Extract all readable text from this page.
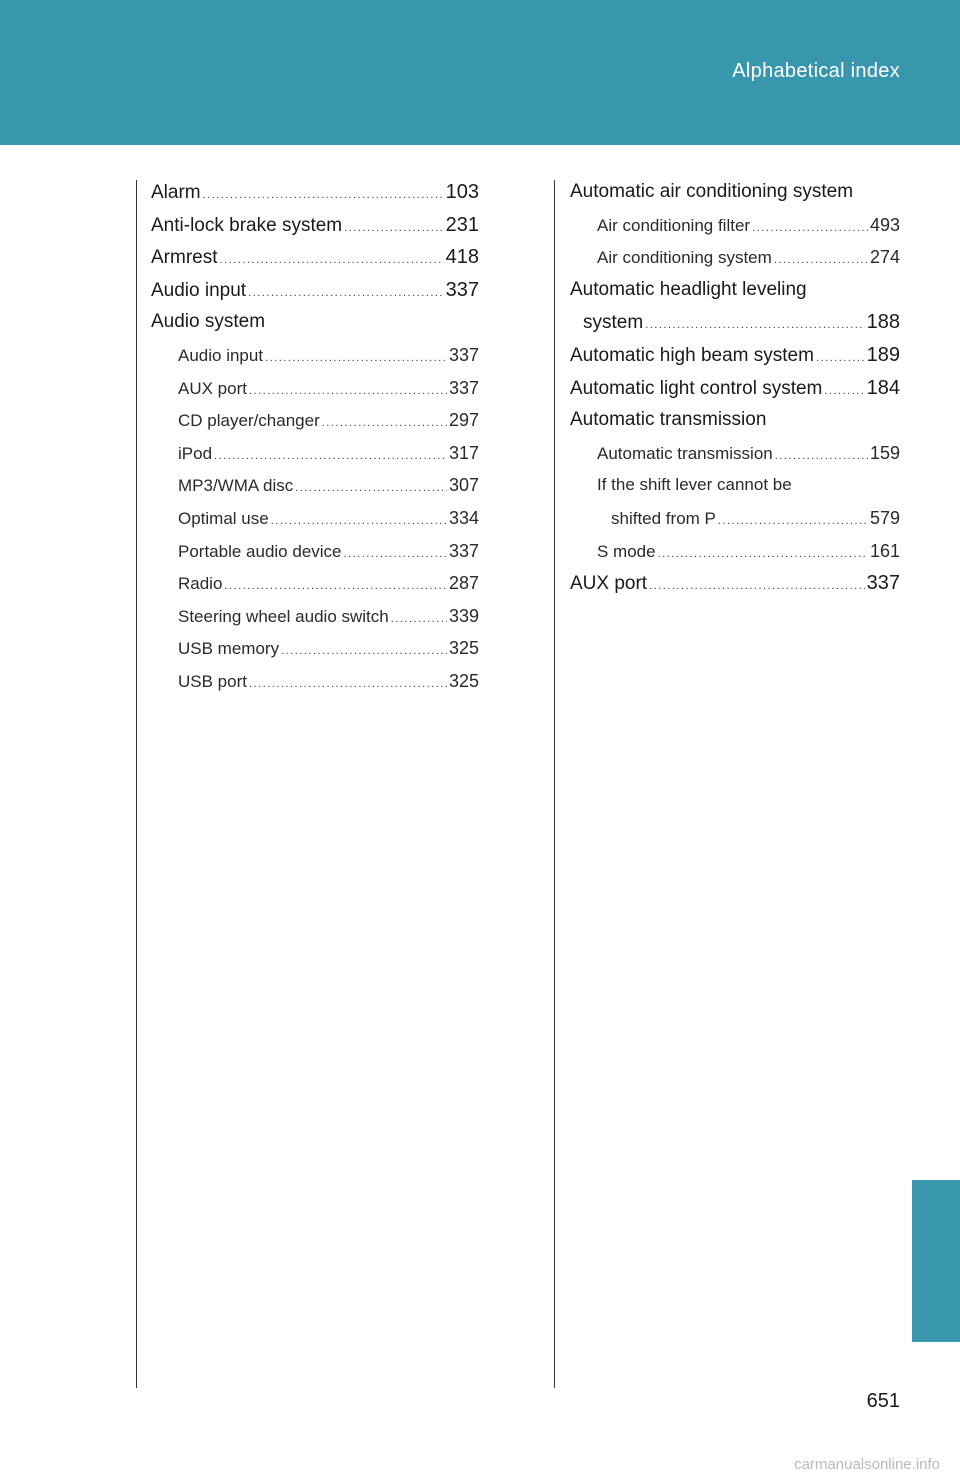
Alphabetical index
Alarm .....	103
Anti-lock brake system .....	231
Armrest .....	418
Audio input .....	337
Audio system
Audio input .....	337
AUX port .....	337
CD player/changer .....	297
iPod .....	317
MP3/WMA disc .....	307
Optimal use .....	334
Portable audio device .....	337
Radio .....	287
Steering wheel audio switch .....	339
USB memory .....	325
USB port .....	325
Automatic air conditioning system
Air conditioning filter .....	493
Air conditioning system .....	274
Automatic headlight leveling
system .....	188
Automatic high beam system .....	189
Automatic light control system ..... 184
Automatic transmission
Automatic transmission .....	159
If the shift lever cannot be
shifted from P .....	579
S mode .....	161
AUX port .....	337
651
carmanualsonline.info
